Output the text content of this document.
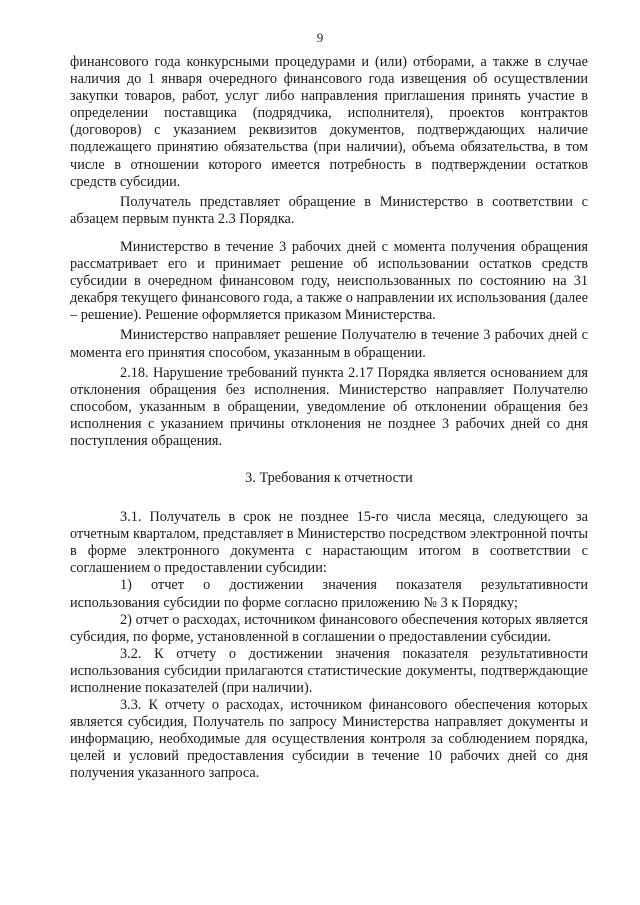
9

финансового года конкурсными процедурами и (или) отборами, а также в случае наличия до 1 января очередного финансового года извещения об осуществлении закупки товаров, работ, услуг либо направления приглашения принять участие в определении поставщика (подрядчика, исполнителя), проектов контрактов (договоров) с указанием реквизитов документов, подтверждающих наличие подлежащего принятию обязательства (при наличии), объема обязательства, в том числе в отношении которого имеется потребность в подтверждении остатков средств субсидии.

Получатель представляет обращение в Министерство в соответствии с абзацем первым пункта 2.3 Порядка.

Министерство в течение 3 рабочих дней с момента получения обращения рассматривает его и принимает решение об использовании остатков средств субсидии в очередном финансовом году, неиспользованных по состоянию на 31 декабря текущего финансового года, а также о направлении их использования (далее – решение). Решение оформляется приказом Министерства.

Министерство направляет решение Получателю в течение 3 рабочих дней с момента его принятия способом, указанным в обращении.

2.18. Нарушение требований пункта 2.17 Порядка является основанием для отклонения обращения без исполнения. Министерство направляет Получателю способом, указанным в обращении, уведомление об отклонении обращения без исполнения с указанием причины отклонения не позднее 3 рабочих дней со дня поступления обращения.

3. Требования к отчетности

3.1. Получатель в срок не позднее 15-го числа месяца, следующего за отчетным кварталом, представляет в Министерство посредством электронной почты в форме электронного документа с нарастающим итогом в соответствии с соглашением о предоставлении субсидии:

1) отчет о достижении значения показателя результативности использования субсидии по форме согласно приложению № 3 к Порядку;

2) отчет о расходах, источником финансового обеспечения которых является субсидия, по форме, установленной в соглашении о предоставлении субсидии.

3.2. К отчету о достижении значения показателя результативности использования субсидии прилагаются статистические документы, подтверждающие исполнение показателей (при наличии).

3.3. К отчету о расходах, источником финансового обеспечения которых является субсидия, Получатель по запросу Министерства направляет документы и информацию, необходимые для осуществления контроля за соблюдением порядка, целей и условий предоставления субсидии в течение 10 рабочих дней со дня получения указанного запроса.
